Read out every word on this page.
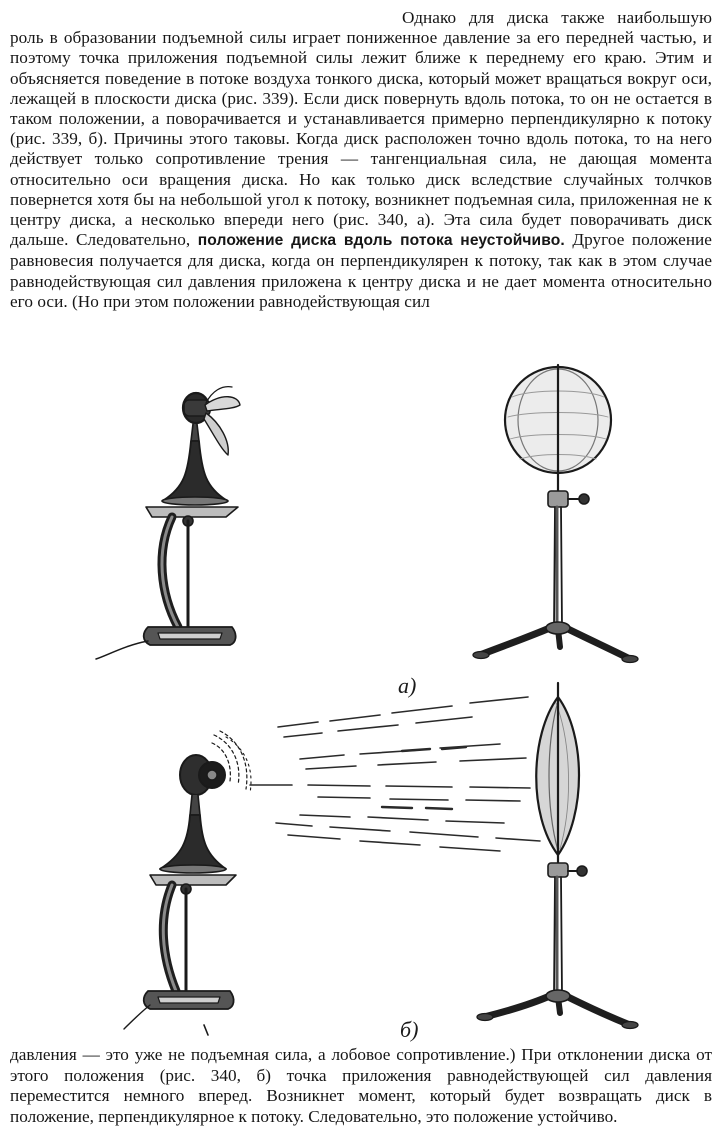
Однако для диска также наибольшую роль в образовании подъемной силы играет пониженное давление за его передней частью, и поэтому точка приложения подъемной силы лежит ближе к переднему его краю. Этим и объясняется поведение в потоке воздуха тонкого диска, который может вращаться вокруг оси, лежащей в плоскости диска (рис. 339). Если диск повернуть вдоль потока, то он не остается в таком положении, а поворачивается и устанавливается примерно перпендикулярно к потоку (рис. 339, б). Причины этого таковы. Когда диск расположен точно вдоль потока, то на него действует только сопротивление трения — тангенциальная сила, не дающая момента относительно оси вращения диска. Но как только диск вследствие случайных толчков повернется хотя бы на небольшой угол к потоку, возникнет подъемная сила, приложенная не к центру диска, а несколько впереди него (рис. 340, а). Эта сила будет поворачивать диск дальше. Следовательно, положение диска вдоль потока неустойчиво. Другое положение равновесия получается для диска, когда он перпендикулярен к потоку, так как в этом случае равнодействующая сил давления приложена к центру диска и не дает момента относительно его оси. (Но при этом положении равнодействующая сил

а)
б)

давления — это уже не подъемная сила, а лобовое сопротивление.) При отклонении диска от этого положения (рис. 340, б) точка приложения равнодействующей сил давления переместится немного вперед. Возникнет момент, который будет возвращать диск в положение, перпендикулярное к потоку. Следовательно, это положение устойчиво.
